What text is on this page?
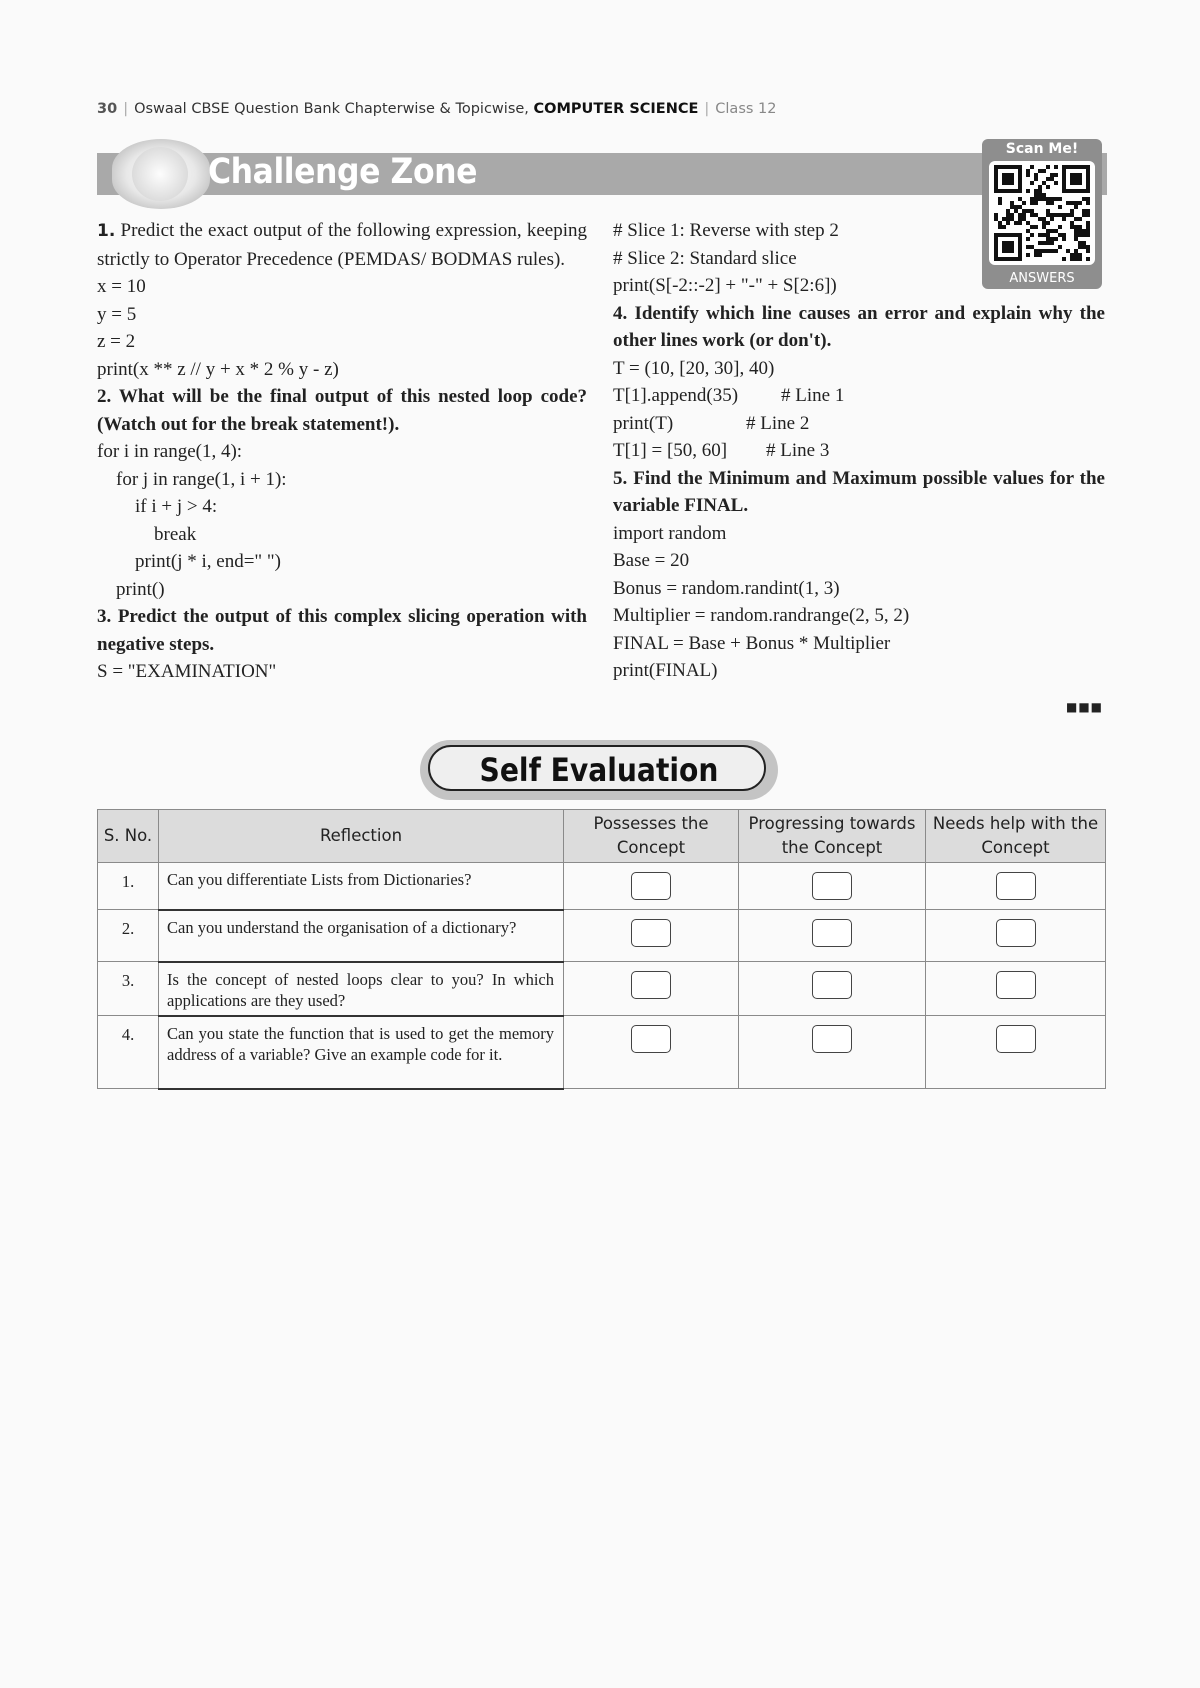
30 | Oswaal CBSE Question Bank Chapterwise & Topicwise, COMPUTER SCIENCE | Class 12
Challenge Zone
Scan Me!
ANSWERS

1. Predict the exact output of the following expression, keeping strictly to Operator Precedence (PEMDAS/ BODMAS rules).

x = 10

y = 5

z = 2

print(x ** z // y + x * 2 % y - z)

2. What will be the final output of this nested loop code? (Watch out for the break statement!).

for i in range(1, 4):

for j in range(1, i + 1):

if i + j > 4:

break

print(j * i, end=" ")

print()

3. Predict the output of this complex slicing operation with negative steps.

S = "EXAMINATION"

# Slice 1: Reverse with step 2

# Slice 2: Standard slice

print(S[-2::-2] + "-" + S[2:6])

4. Identify which line causes an error and explain why the other lines work (or don't).

T = (10, [20, 30], 40)

T[1].append(35) # Line 1

print(T)	# Line 2

T[1] = [50, 60] # Line 3

5. Find the Minimum and Maximum possible values for the variable FINAL.

import random

Base = 20

Bonus = random.randint(1, 3)

Multiplier = random.randrange(2, 5, 2)

FINAL = Base + Bonus * Multiplier

print(FINAL)

■■■
Self Evaluation
S. No.	Reflection	Possesses the Concept	Progressing towards the Concept	Needs help with the Concept
1.	Can you differentiate Lists from Dictionaries?			
2.	Can you understand the organisation of a dictionary?			
3.	Is the concept of nested loops clear to you? In which applications are they used?			
4.	Can you state the function that is used to get the memory address of a variable? Give an example code for it.			
